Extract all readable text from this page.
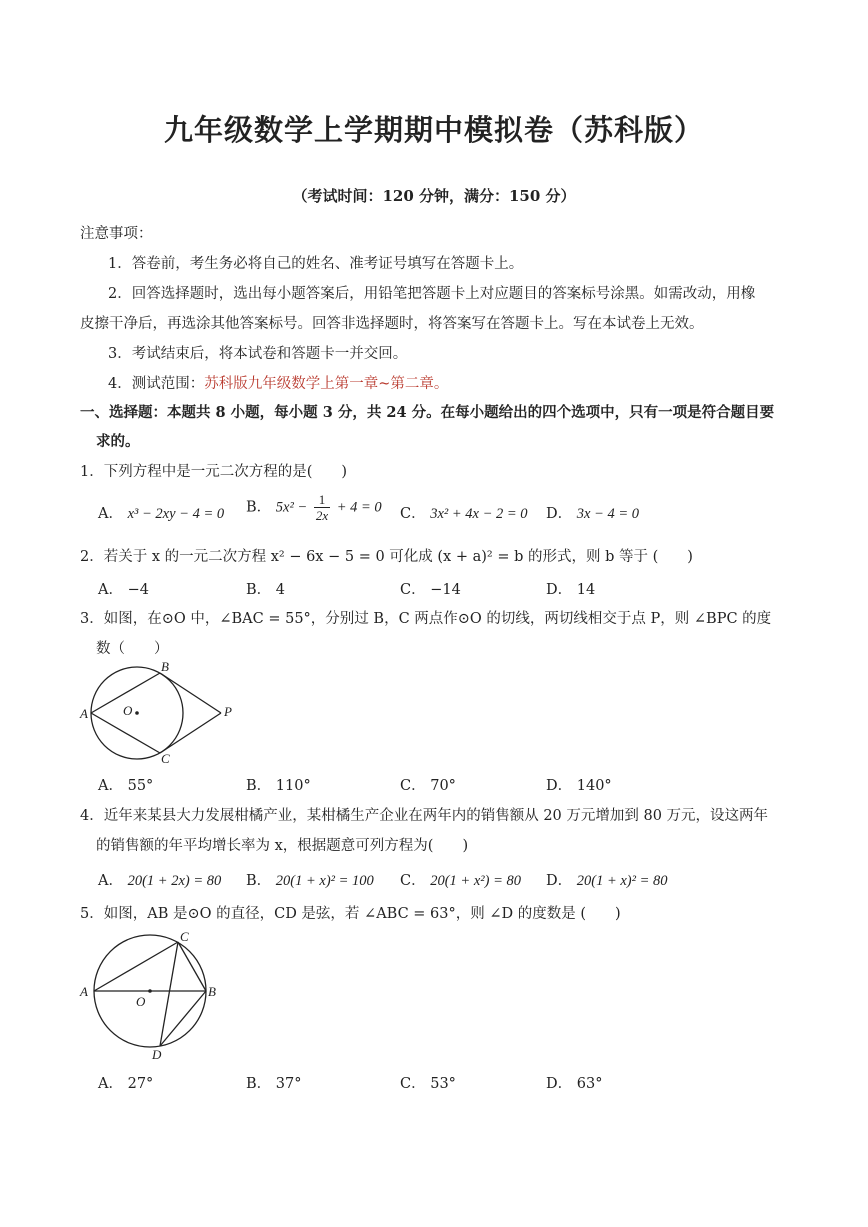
九年级数学上学期期中模拟卷（苏科版）
（考试时间：120 分钟，满分：150 分）
注意事项：
1．答卷前，考生务必将自己的姓名、准考证号填写在答题卡上。
2．回答选择题时，选出每小题答案后，用铅笔把答题卡上对应题目的答案标号涂黑。如需改动，用橡
皮擦干净后，再选涂其他答案标号。回答非选择题时，将答案写在答题卡上。写在本试卷上无效。
3．考试结束后，将本试卷和答题卡一并交回。
4．测试范围：苏科版九年级数学上第一章~第二章。
一、选择题：本题共 8 小题，每小题 3 分，共 24 分。在每小题给出的四个选项中，只有一项是符合题目要
求的。
1．下列方程中是一元二次方程的是(　　)
A． x³ − 2xy − 4 = 0 B． $5x^2 - \frac{1}{2x} + 4 = 0$ C． 3x² + 4x − 2 = 0 D． 3x − 4 = 0
2．若关于 x 的一元二次方程 x² − 6x − 5 = 0 可化成 (x + a)² = b 的形式，则 b 等于 (　　)
A． −4	B． 4	C． −14	D． 14
3．如图，在⊙O 中，∠BAC = 55°，分别过 B，C 两点作⊙O 的切线，两切线相交于点 P，则 ∠BPC 的度
数（　　）
A
B
C
O	P
A． 55°	B． 110°	C． 70°	D． 140°
4．近年来某县大力发展柑橘产业，某柑橘生产企业在两年内的销售额从 20 万元增加到 80 万元，设这两年
的销售额的年平均增长率为 x，根据题意可列方程为(　　)
A． 20(1 + 2x) = 80 B． 20(1 + x)² = 100 C． 20(1 + x²) = 80 D． 20(1 + x)² = 80
5．如图，AB 是⊙O 的直径，CD 是弦，若 ∠ABC = 63°，则 ∠D 的度数是 (　　)
A	B
C
D
O
A． 27°	B． 37°	C． 53°	D． 63°
